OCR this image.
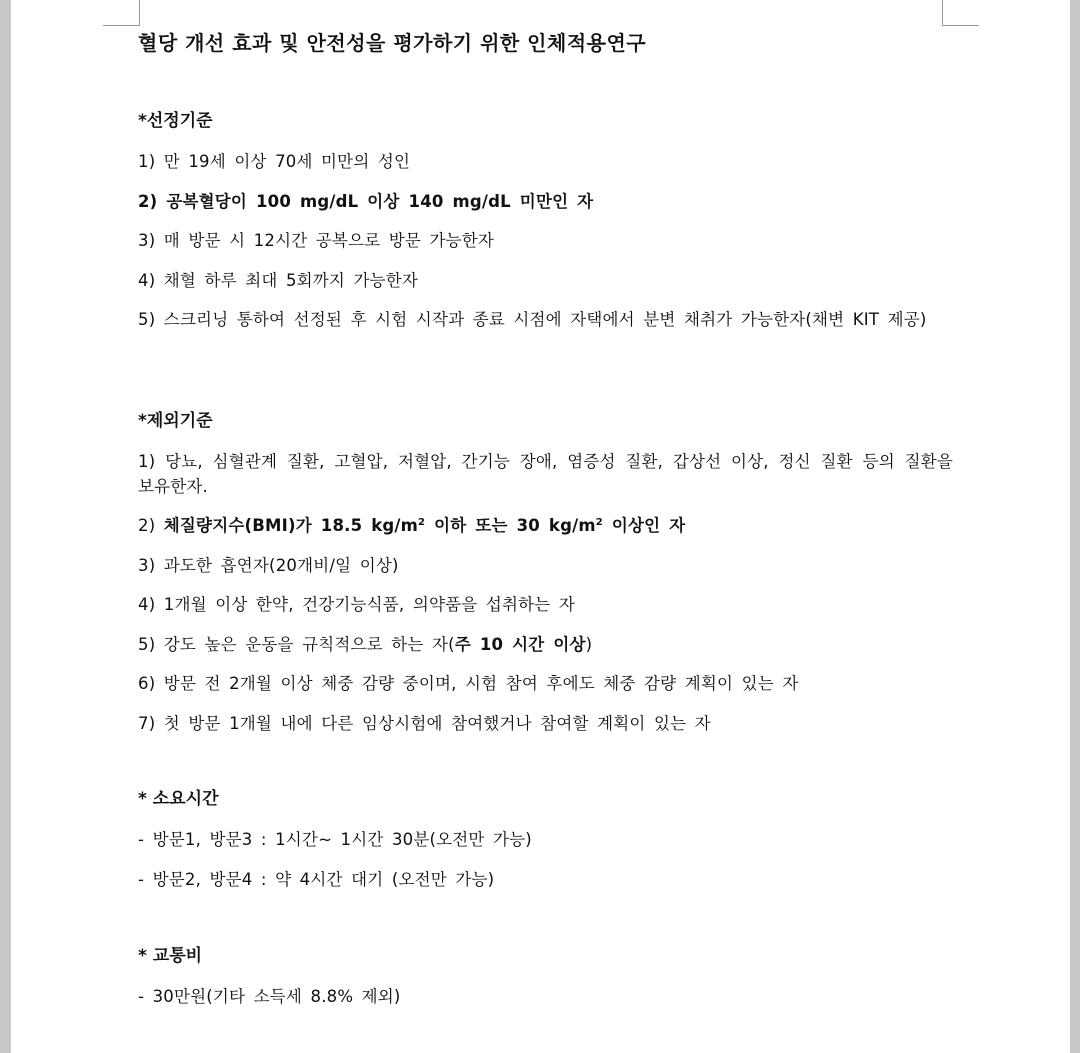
혈당 개선 효과 및 안전성을 평가하기 위한 인체적용연구
*선정기준
1) 만 19세 이상 70세 미만의 성인
2) 공복혈당이 100 mg/dL 이상 140 mg/dL 미만인 자
3) 매 방문 시 12시간 공복으로 방문 가능한자
4) 채혈 하루 최대 5회까지 가능한자
5) 스크리닝 통하여 선정된 후 시험 시작과 종료 시점에 자택에서 분변 채취가 가능한자(채변 KIT 제공)
*제외기준
1) 당뇨, 심혈관계 질환, 고혈압, 저혈압, 간기능 장애, 염증성 질환, 갑상선 이상, 정신 질환 등의 질환을 보유한자.
2) 체질량지수(BMI)가 18.5 $kg/m^2$ 이하 또는 30 $kg/m^2$ 이상인 자
3) 과도한 흡연자(20개비/일 이상)
4) 1개월 이상 한약, 건강기능식품, 의약품을 섭취하는 자
5) 강도 높은 운동을 규칙적으로 하는 자(주 10 시간 이상)
6) 방문 전 2개월 이상 체중 감량 중이며, 시험 참여 후에도 체중 감량 계획이 있는 자
7) 첫 방문 1개월 내에 다른 임상시험에 참여했거나 참여할 계획이 있는 자
* 소요시간
- 방문1, 방문3 : 1시간~ 1시간 30분(오전만 가능)
- 방문2, 방문4 : 약 4시간 대기 (오전만 가능)
* 교통비
- 30만원(기타 소득세 8.8% 제외)
